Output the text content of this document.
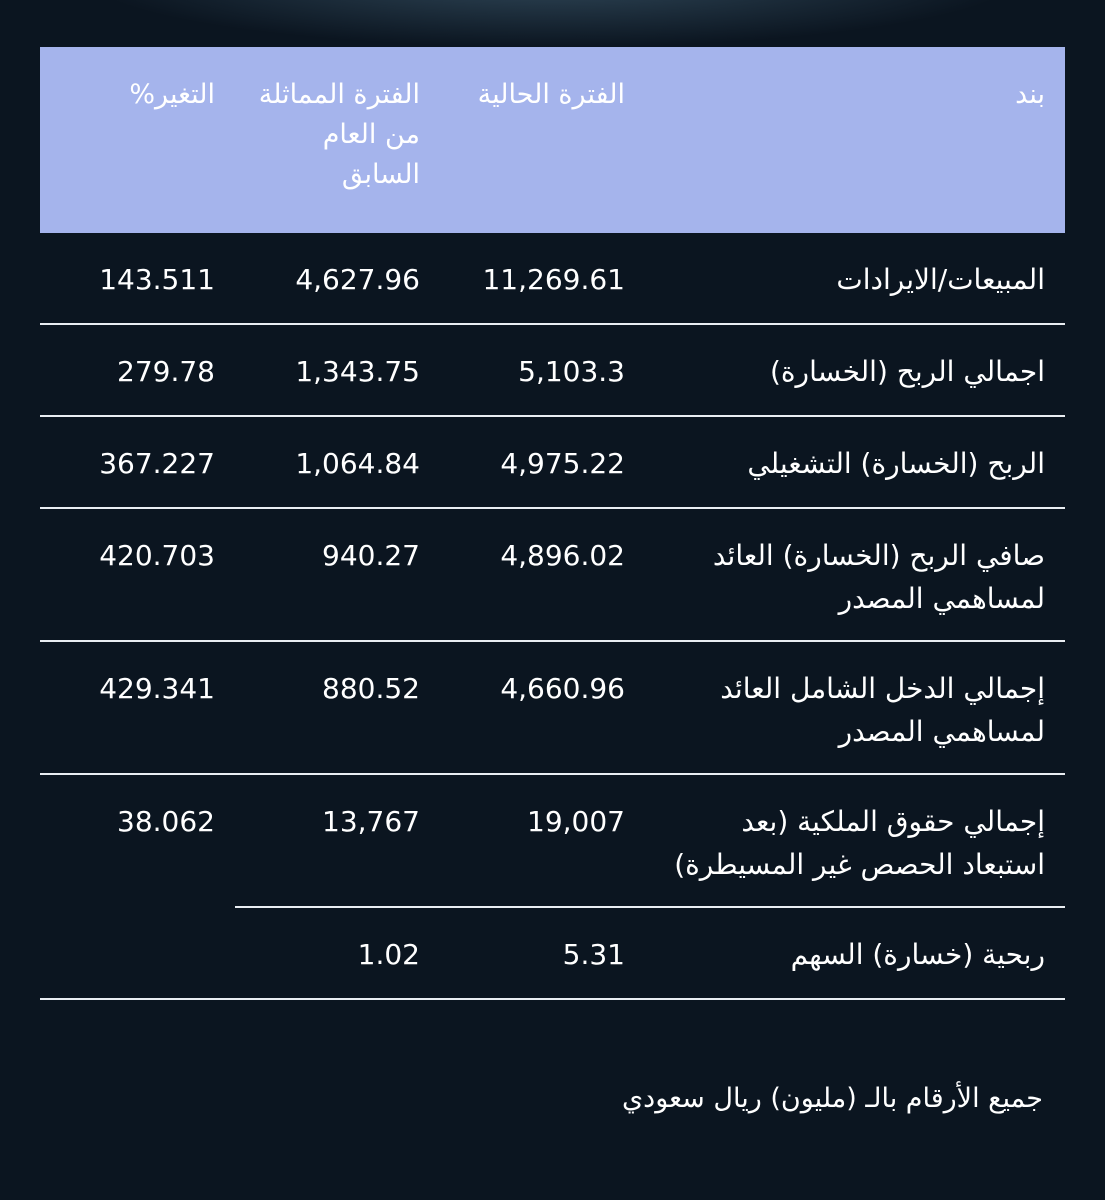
بند	الفترة الحالية	الفترة المماثلة من العام السابق	التغير%
المبيعات/الايرادات	11,269.61	4,627.96	143.511
اجمالي الربح (الخسارة)	5,103.3	1,343.75	279.78
الربح (الخسارة) التشغيلي	4,975.22	1,064.84	367.227
صافي الربح (الخسارة) العائد لمساهمي المصدر	4,896.02	940.27	420.703
إجمالي الدخل الشامل العائد لمساهمي المصدر	4,660.96	880.52	429.341
إجمالي حقوق الملكية (بعد استبعاد الحصص غير المسيطرة)	19,007	13,767	38.062
ربحية (خسارة) السهم	5.31	1.02	
جميع الأرقام بالـ (مليون) ريال سعودي
